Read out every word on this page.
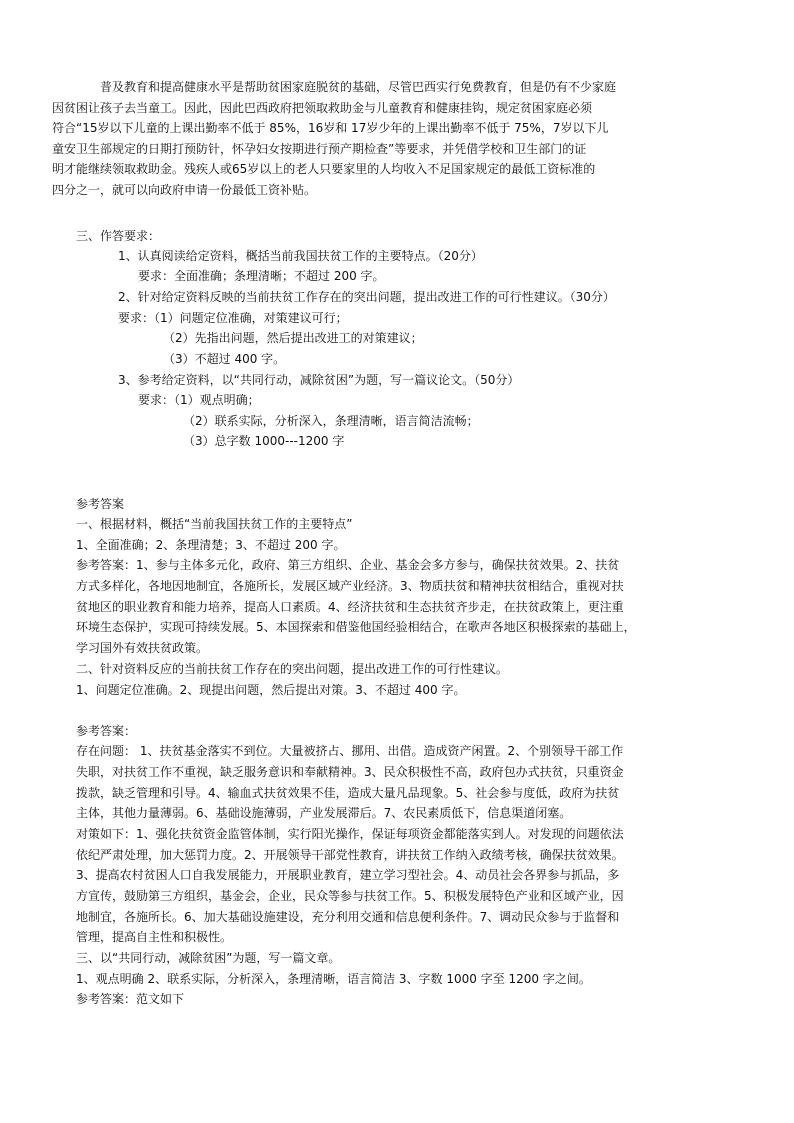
普及教育和提高健康水平是帮助贫困家庭脱贫的基础，尽管巴西实行免费教育，但是仍有不少家庭
因贫困让孩子去当童工。因此，因此巴西政府把领取救助金与儿童教育和健康挂钩，规定贫困家庭必须
符合“15岁以下儿童的上课出勤率不低于 85%，16岁和 17岁少年的上课出勤率不低于 75%，7岁以下儿
童安卫生部规定的日期打预防针，怀孕妇女按期进行预产期检查”等要求，并凭借学校和卫生部门的证
明才能继续领取救助金。残疾人或65岁以上的老人只要家里的人均收入不足国家规定的最低工资标准的
四分之一，就可以向政府申请一份最低工资补贴。
三、作答要求：
1、认真阅读给定资料，概括当前我国扶贫工作的主要特点。（20分）
要求：全面准确；条理清晰；不超过 200 字。
2、针对给定资料反映的当前扶贫工作存在的突出问题，提出改进工作的可行性建议。（30分）
要求：（1）问题定位准确，对策建议可行；
（2）先指出问题，然后提出改进工的对策建议；
（3）不超过 400 字。
3、参考给定资料，以“共同行动，减除贫困”为题，写一篇议论文。（50分）
要求：（1）观点明确；
（2）联系实际，分析深入，条理清晰，语言简洁流畅；
（3）总字数 1000---1200 字
参考答案
一、根据材料，概括“当前我国扶贫工作的主要特点”
1、全面准确；2、条理清楚；3、不超过 200 字。
参考答案：1、参与主体多元化，政府、第三方组织、企业、基金会多方参与，确保扶贫效果。2、扶贫
方式多样化，各地因地制宜，各施所长，发展区域产业经济。3、物质扶贫和精神扶贫相结合，重视对扶
贫地区的职业教育和能力培养，提高人口素质。4、经济扶贫和生态扶贫齐步走，在扶贫政策上，更注重
环境生态保护，实现可持续发展。5、本国探索和借鉴他国经验相结合，在歌声各地区积极探索的基础上，
学习国外有效扶贫政策。
二、针对资料反应的当前扶贫工作存在的突出问题，提出改进工作的可行性建议。
1、问题定位准确。2、现提出问题，然后提出对策。3、不超过 400 字。
参考答案：
存在问题： 1、扶贫基金落实不到位。大量被挤占、挪用、出借。造成资产闲置。2、个别领导干部工作
失职，对扶贫工作不重视，缺乏服务意识和奉献精神。3、民众积极性不高，政府包办式扶贫，只重资金
拨款，缺乏管理和引导。4、输血式扶贫效果不佳，造成大量凡品现象。5、社会参与度低，政府为扶贫
主体，其他力量薄弱。6、基础设施薄弱，产业发展滞后。7、农民素质低下，信息渠道闭塞。
对策如下：1、强化扶贫资金监管体制，实行阳光操作，保证每项资金都能落实到人。对发现的问题依法
依纪严肃处理，加大惩罚力度。2、开展领导干部党性教育，讲扶贫工作纳入政绩考核，确保扶贫效果。
3、提高农村贫困人口自我发展能力，开展职业教育，建立学习型社会。4、动员社会各界参与抓品，多
方宣传，鼓励第三方组织，基金会，企业，民众等参与扶贫工作。5、积极发展特色产业和区域产业，因
地制宜，各施所长。6、加大基础设施建设，充分利用交通和信息便利条件。7、调动民众参与于监督和
管理，提高自主性和积极性。
三、以“共同行动，减除贫困”为题，写一篇文章。
1、观点明确 2、联系实际，分析深入，条理清晰，语言简洁 3、字数 1000 字至 1200 字之间。
参考答案：范文如下
